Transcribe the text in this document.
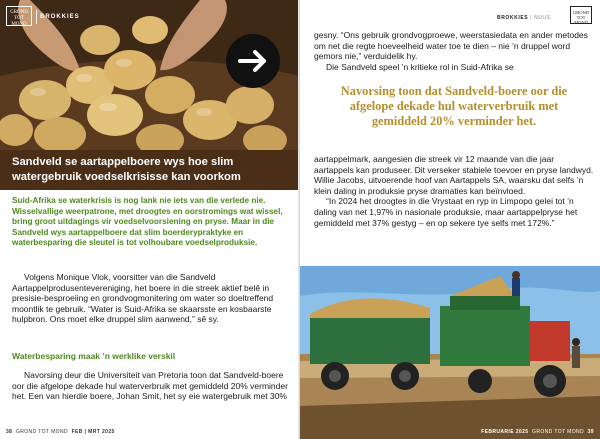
GROND TOT MOND
BROKKIES
Sandveld se aartappelboere wys hoe slim watergebruik voedselkrisisse kan voorkom
Suid-Afrika se waterkrisis is nog lank nie iets van die verlede nie. Wisselvallige weerpatrone, met droogtes en oorstromings wat wissel, bring groot uitdagings vir voedselvoorsiening en pryse. Maar in die Sandveld wys aartappelboere dat slim boerderypraktyke en waterbesparing die sleutel is tot volhoubare voedselproduksie.

Volgens Monique Vlok, voorsitter van die Sandveld Aartappelprodusentevereniging, het boere in die streek aktief belê in presisie-besproeiing en grondvogmonitering om water so doeltreffend moontlik te gebruik. “Water is Suid-Afrika se skaarsste en kosbaarste hulpbron. Ons moet elke druppel slim aanwend,” sê sy.

Waterbesparing maak ’n werklike verskil

Navorsing deur die Universiteit van Pretoria toon dat Sandveld-boere oor die afgelope dekade hul waterverbruik met gemiddeld 20% verminder het. Een van hierdie boere, Johan Smit, het sy eie watergebruik met 30%

38 GROND TOT MOND FEB | MRT 2025
BROKKIES | NUUS
GROND TOT MOND

gesny. “Ons gebruik grondvogproewe, weerstasiedata en ander metodes om net die regte hoeveelheid water toe te dien – nie ’n druppel word gemors nie,” verduidelik hy.

Die Sandveld speel ’n kritieke rol in Suid-Afrika se

Navorsing toon dat Sandveld-boere oor die afgelope dekade hul waterverbruik met gemiddeld 20% verminder het.

aartappelmark, aangesien die streek vir 12 maande van die jaar aartappels kan produseer. Dit verseker stabiele toevoer en pryse landwyd. Willie Jacobs, uitvoerende hoof van Aartappels SA, waarsku dat selfs ’n klein daling in produksie pryse dramaties kan beïnvloed.

“In 2024 het droogtes in die Vrystaat en ryp in Limpopo gelei tot ’n daling van net 1,97% in nasionale produksie, maar aartappelpryse het gemiddeld met 37% gestyg – en op sekere tye selfs met 172%.”

FEBRUARIE 2025 GROND TOT MOND 39
